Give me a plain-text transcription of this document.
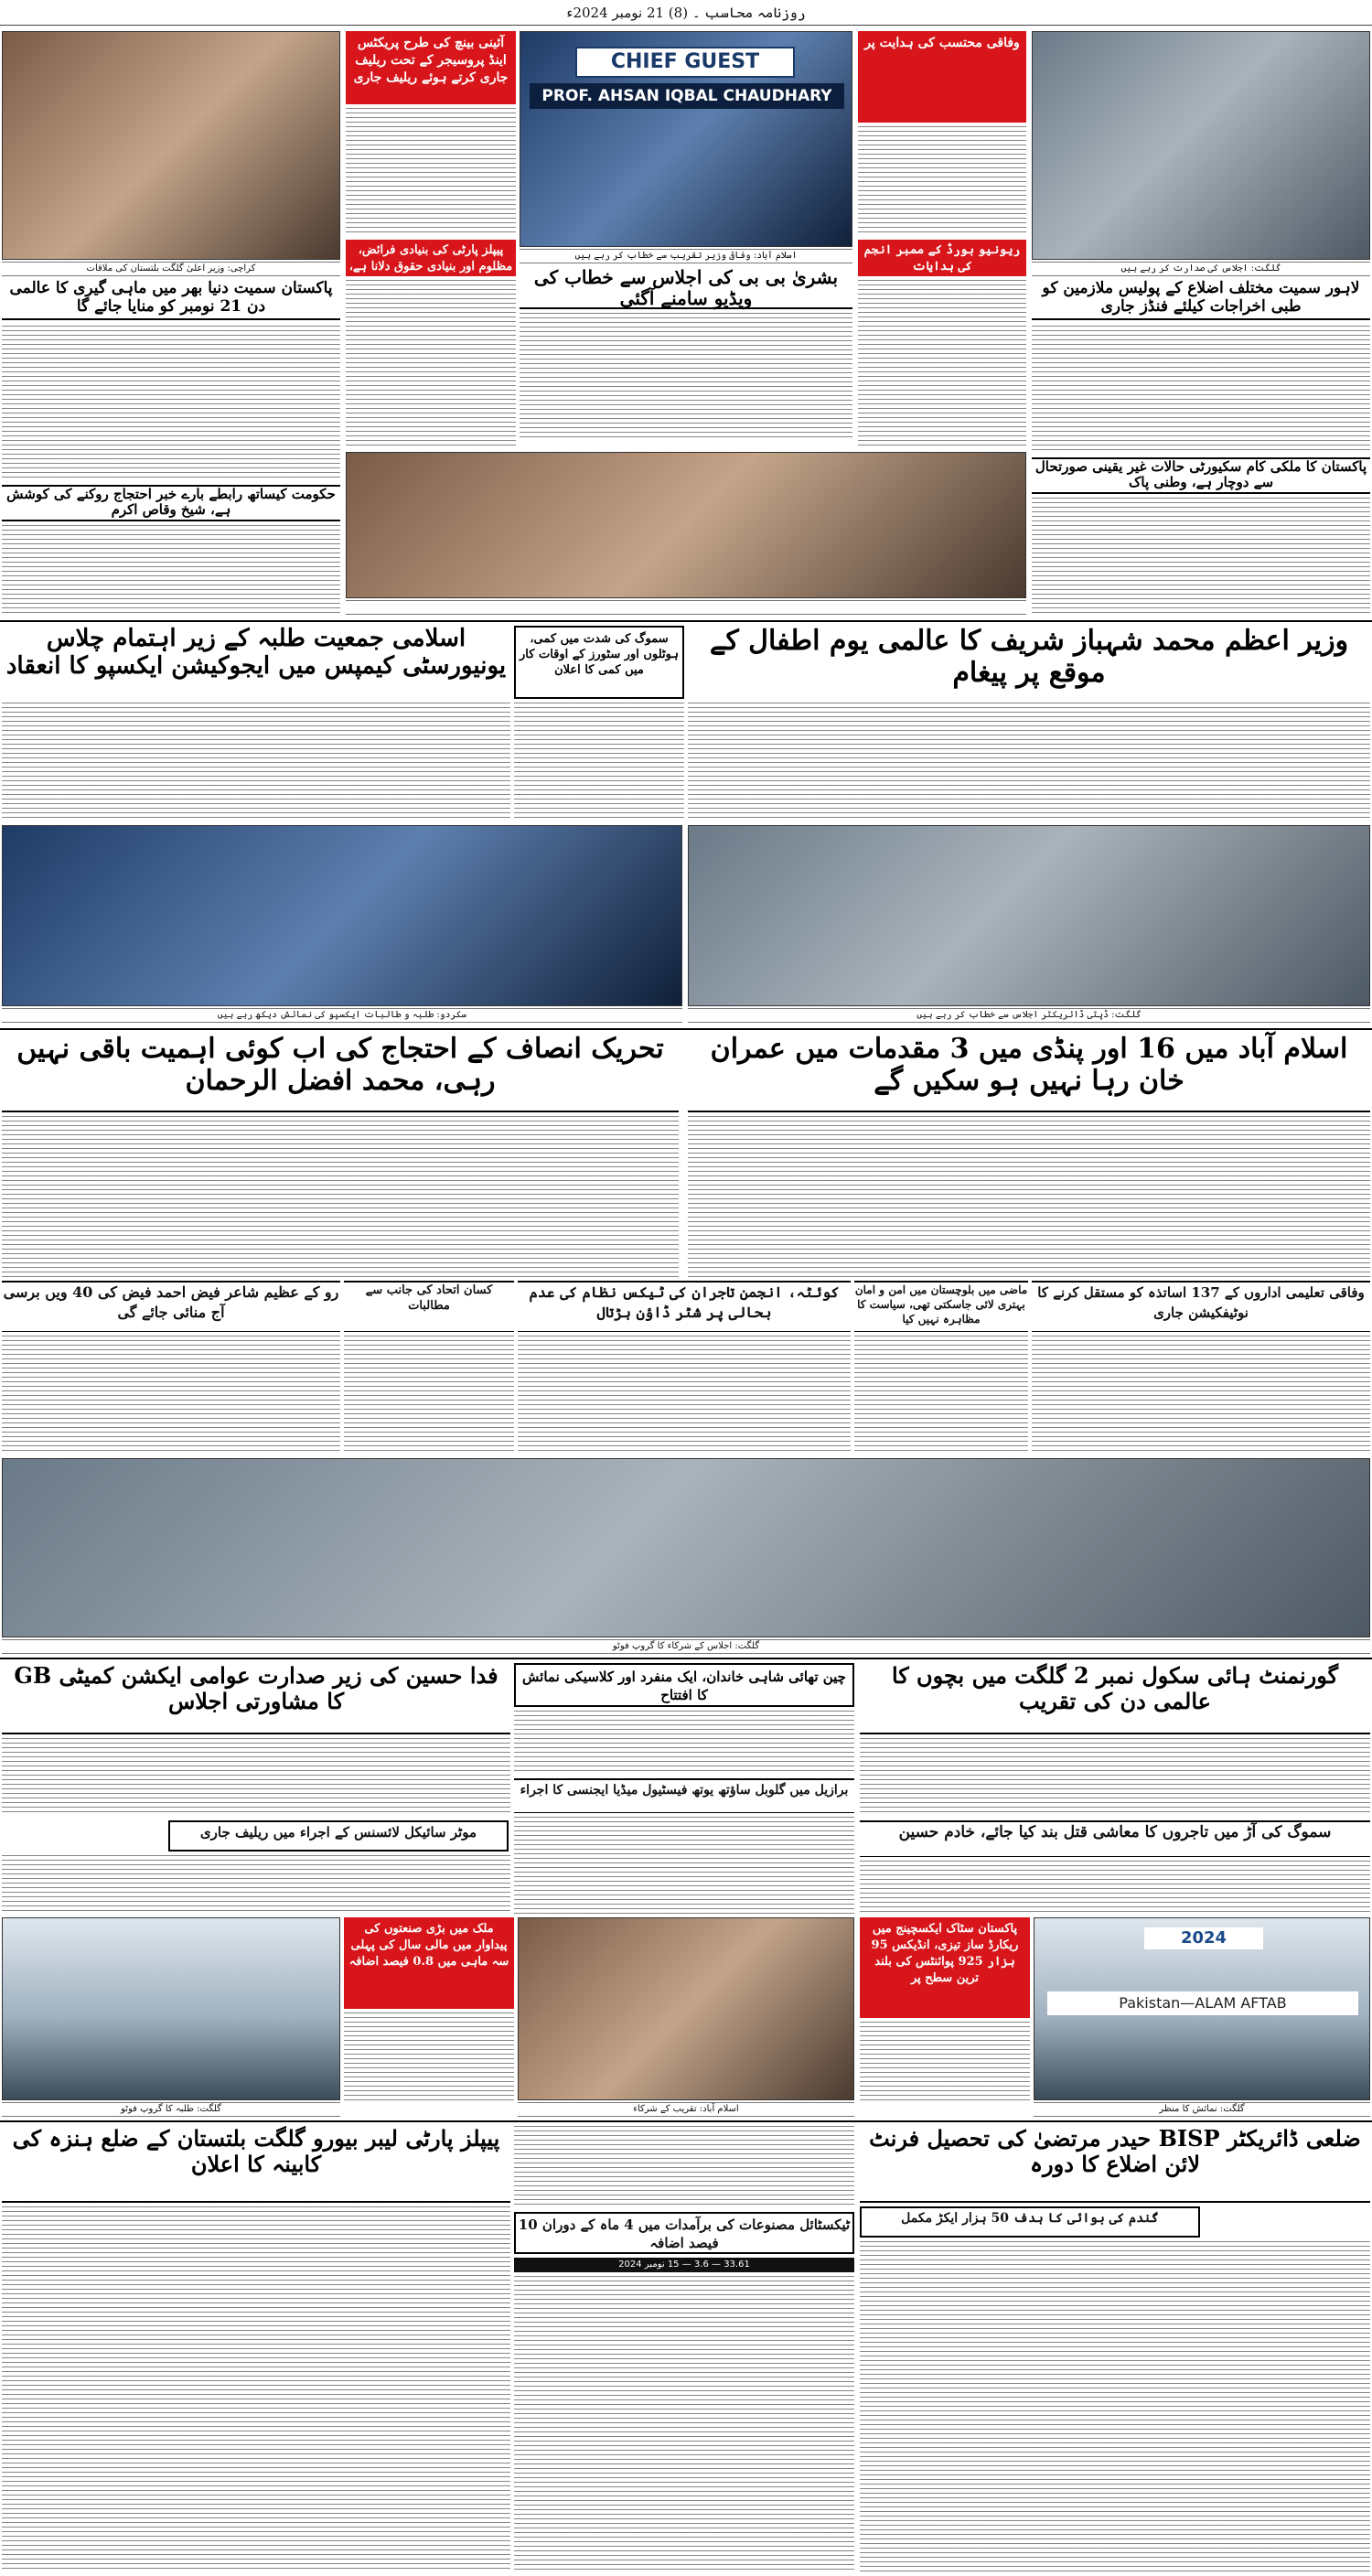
روزنامہ محاسب ۔ (8) 21 نومبر 2024ء
کراچی: وزیر اعلیٰ گلگت بلتستان کی ملاقات
آئینی بینچ کی طرح پریکٹس اینڈ پروسیجر کے تحت ریلیف جاری کرتے ہوئے ریلیف جاری
پیپلز پارٹی کی بنیادی فرائض، مظلوم اور بنیادی حقوق دلانا ہے،
CHIEF GUEST
PROF. AHSAN IQBAL CHAUDHARY
اسلام آباد: وفاقی وزیر تقریب سے خطاب کر رہے ہیں
وفاقی محتسب کی ہدایت پر
ریونیو بورڈ کے ممبر انجم کی ہدایات	گلگت: اجلاس کی صدارت کر رہے ہیں
پاکستان سمیت دنیا بھر میں ماہی گیری کا عالمی دن 21 نومبر کو منایا جائے گا
بشریٰ بی بی کی اجلاس سے خطاب کی ویڈیو سامنے آگئی	لاہور سمیت مختلف اضلاع کے پولیس ملازمین کو طبی اخراجات کیلئے فنڈز جاری
حکومت کیساتھ رابطے بارے خبر احتجاج روکنے کی کوشش ہے، شیخ وقاص اکرم
پاکستان کا ملکی کام سکیورٹی حالات غیر یقینی صورتحال سے دوچار ہے، وطنی پاک
اسلامی جمعیت طلبہ کے زیر اہتمام چلاس یونیورسٹی کیمپس میں ایجوکیشن ایکسپو کا انعقاد
سموگ کی شدت میں کمی، ہوٹلوں اور سٹورز کے اوقات کار میں کمی کا اعلان
وزیر اعظم محمد شہباز شریف کا عالمی یوم اطفال کے موقع پر پیغام
سکردو: طلبہ و طالبات ایکسپو کی نمائش دیکھ رہے ہیں	گلگت: ڈپٹی ڈائریکٹر اجلاس سے خطاب کر رہے ہیں
تحریک انصاف کے احتجاج کی اب کوئی اہمیت باقی نہیں رہی، محمد افضل الرحمان
اسلام آباد میں 16 اور پنڈی میں 3 مقدمات میں عمران خان رہا نہیں ہو سکیں گے
رو کے عظیم شاعر فیض احمد فیض کی 40 ویں برسی آج منائی جائے گی
کسان اتحاد کی جانب سے مطالبات
کوئٹہ، انجمن تاجران کی ٹیکس نظام کی عدم بحالی پر شٹر ڈاؤن ہڑتال
ماضی میں بلوچستان میں امن و امان بہتری لائی جاسکتی تھی، سیاست کا مظاہرہ نہیں کیا
وفاقی تعلیمی اداروں کے 137 اساتذہ کو مستقل کرنے کا نوٹیفکیشن جاری
گلگت: اجلاس کے شرکاء کا گروپ فوٹو
فدا حسین کی زیر صدارت عوامی ایکشن کمیٹی GB کا مشاورتی اجلاس
چین تھائی شاہی خاندان، ایک منفرد اور کلاسیکی نمائش کا افتتاح
گورنمنٹ ہائی سکول نمبر 2 گلگت میں بچوں کا عالمی دن کی تقریب
موٹر سائیکل لائسنس کے اجراء میں ریلیف جاری
برازیل میں گلوبل ساؤتھ یوتھ فیسٹیول میڈیا ایجنسی کا اجراء
سموگ کی آڑ میں تاجروں کا معاشی قتل بند کیا جائے، خادم حسین
ملک میں بڑی صنعتوں کی پیداوار میں مالی سال کی پہلی سہ ماہی میں 0.8 فیصد اضافہ
پاکستان سٹاک ایکسچینج میں ریکارڈ ساز تیزی، انڈیکس 95 ہزار 925 پوائنٹس کی بلند ترین سطح پر
2024
Pakistan—ALAM AFTAB
گلگت: طلبہ کا گروپ فوٹو	اسلام آباد: تقریب کے شرکاء	گلگت: نمائش کا منظر
پیپلز پارٹی لیبر بیورو گلگت بلتستان کے ضلع ہنزہ کی کابینہ کا اعلان
ضلعی ڈائریکٹر BISP حیدر مرتضیٰ کی تحصیل فرنٹ لائن اضلاع کا دورہ
ٹیکسٹائل مصنوعات کی برآمدات میں 4 ماہ کے دوران 10 فیصد اضافہ
33.61 — 3.6 — 15 نومبر 2024
گندم کی بوائی کا ہدف 50 ہزار ایکڑ مکمل
